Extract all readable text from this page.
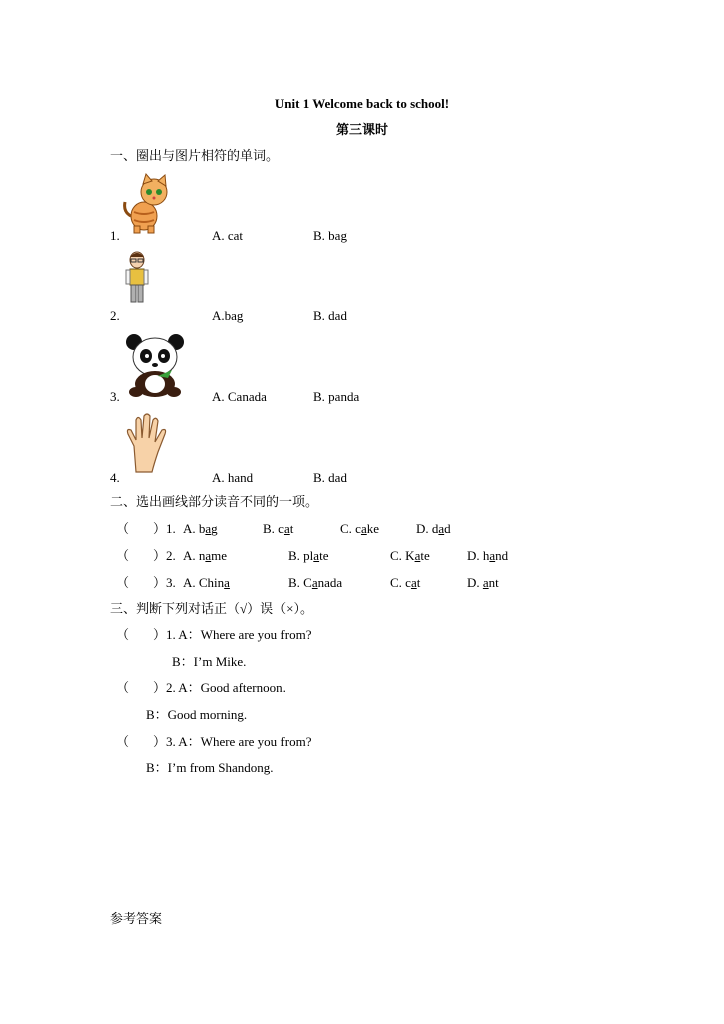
Unit 1 Welcome back to school!
第三课时
一、圈出与图片相符的单词。
1.	A. cat	B. bag
2.	A.bag	B. dad
3.	A. Canada	B. panda
4.	A. hand	B. dad
二、选出画线部分读音不同的一项。
（ ）1. A. bag	B. cat	C. cake	D. dad
（ ）2. A. name	B. plate	C. Kate	D. hand
（ ）3. A. China	B. Canada	C. cat	D. ant
三、判断下列对话正（√）误（×）。
（ ）1. A：Where are you from?
B：I’m Mike.
（ ）2. A：Good afternoon.
B：Good morning.
（ ）3. A：Where are you from?
B：I’m from Shandong.
参考答案
